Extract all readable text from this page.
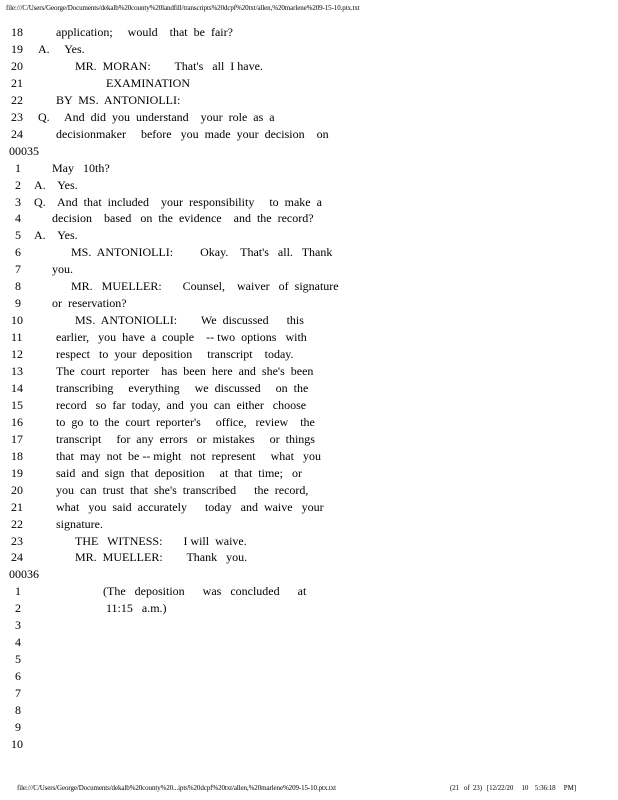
file:///C/Users/George/Documents/dekalb%20county%20landfill/transcripts%20dcpf%20txt/allen,%20marlene%209-15-10.ptx.txt
18	application;     would    that  be  fair?
19	A.     Yes.
20	MR.  MORAN:        That's   all  I have.
21	EXAMINATION
22	BY  MS.  ANTONIOLLI:
23	Q.     And  did  you  understand    your  role  as  a
24	decisionmaker     before   you  made  your  decision    on
00035
1	May   10th?
2	A.    Yes.
3	Q.    And  that  included    your  responsibility     to  make  a
4	decision    based   on  the  evidence    and  the  record?
5	A.    Yes.
6	MS.  ANTONIOLLI:         Okay.    That's   all.   Thank
7	you.
8	MR.   MUELLER:       Counsel,    waiver   of  signature
9	or  reservation?
10	MS.  ANTONIOLLI:        We  discussed      this
11	earlier,   you  have  a  couple    -- two  options   with
12	respect   to  your  deposition     transcript    today.
13	The  court  reporter    has  been  here  and  she's  been
14	transcribing     everything     we  discussed     on  the
15	record   so  far  today,  and  you  can  either   choose
16	to  go  to  the  court  reporter's     office,   review    the
17	transcript     for  any  errors   or  mistakes     or  things
18	that  may  not  be -- might   not  represent     what   you
19	said  and  sign  that  deposition     at  that  time;   or
20	you  can  trust  that  she's  transcribed      the  record,
21	what   you  said  accurately      today   and  waive   your
22	signature.
23	THE   WITNESS:       I will  waive.
24	MR.  MUELLER:        Thank   you.
00036
1	(The   deposition      was   concluded      at
2	11:15   a.m.)
3
4
5
6
7
8
9
10
file:///C/Users/George/Documents/dekalb%20county%20...ipts%20dcpf%20txt/allen,%20marlene%209-15-10.ptx.txt	(21   of  23)   [12/22/20     10    5:36:18     PM]
